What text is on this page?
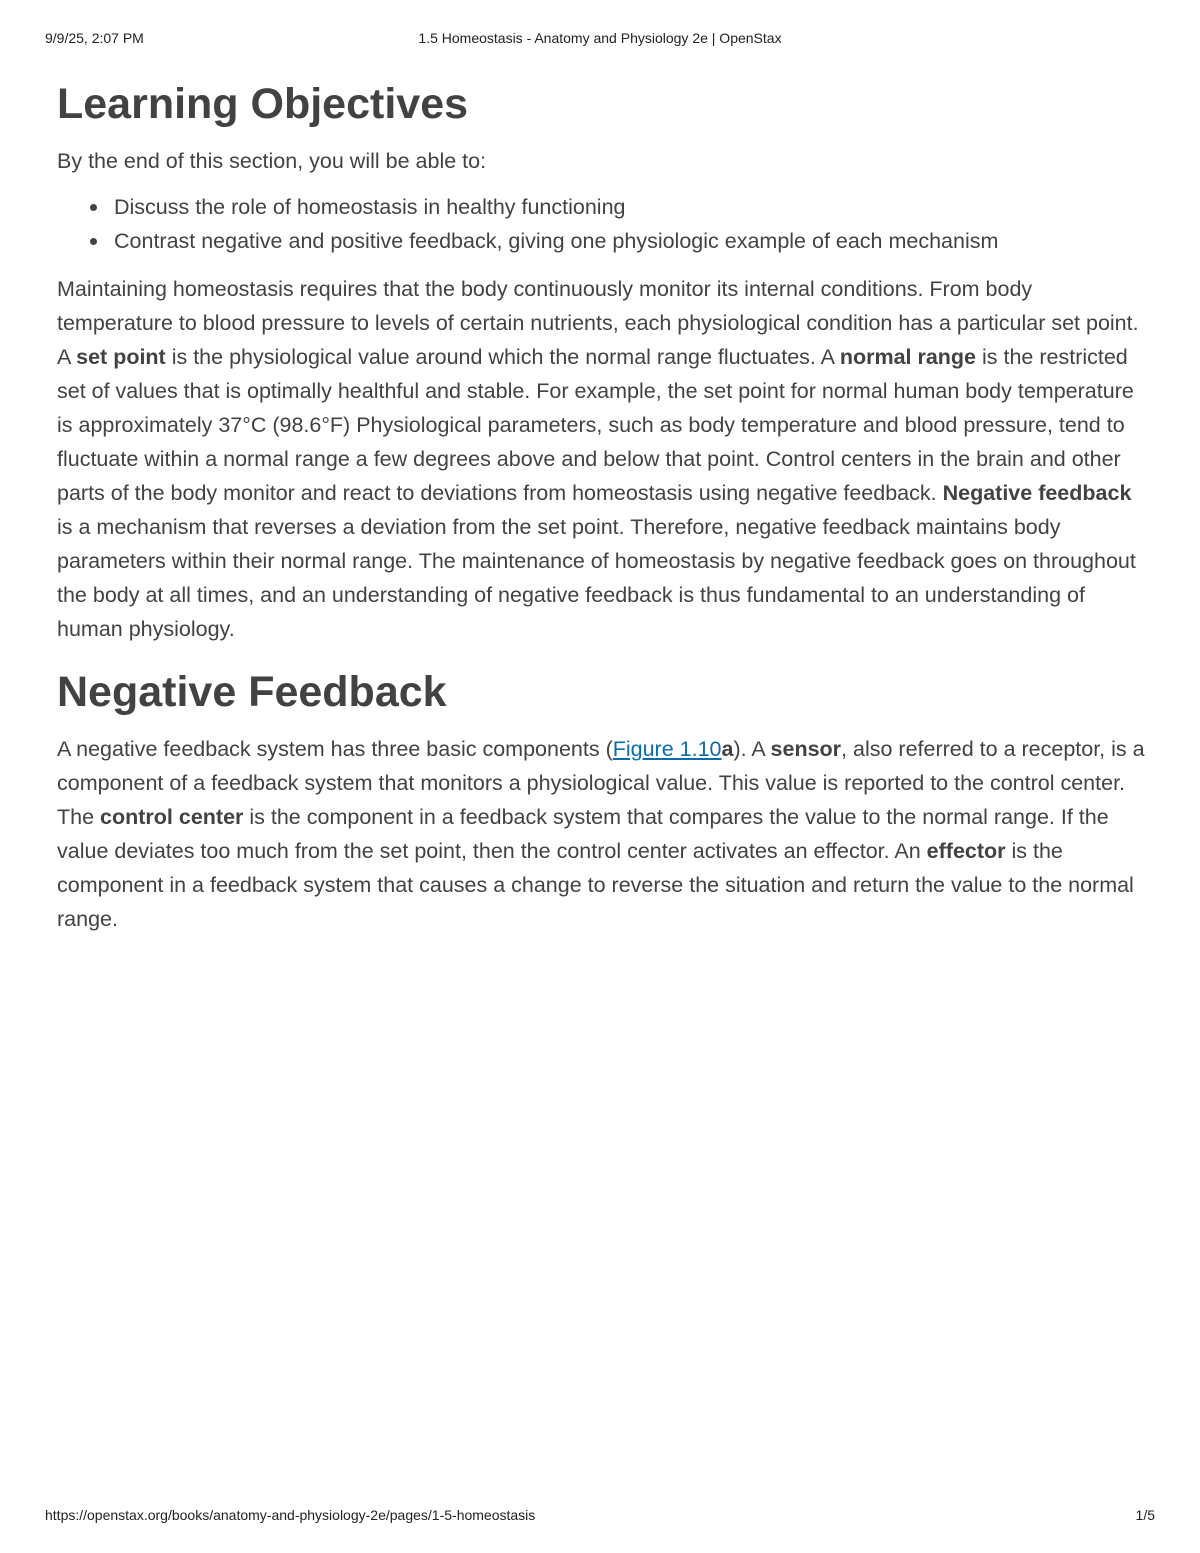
9/9/25, 2:07 PM	1.5 Homeostasis - Anatomy and Physiology 2e | OpenStax
Learning Objectives

By the end of this section, you will be able to:

Discuss the role of homeostasis in healthy functioning
Contrast negative and positive feedback, giving one physiologic example of each mechanism

Maintaining homeostasis requires that the body continuously monitor its internal conditions. From body temperature to blood pressure to levels of certain nutrients, each physiological condition has a particular set point. A set point is the physiological value around which the normal range fluctuates. A normal range is the restricted set of values that is optimally healthful and stable. For example, the set point for normal human body temperature is approximately 37°C (98.6°F) Physiological parameters, such as body temperature and blood pressure, tend to fluctuate within a normal range a few degrees above and below that point. Control centers in the brain and other parts of the body monitor and react to deviations from homeostasis using negative feedback. Negative feedback is a mechanism that reverses a deviation from the set point. Therefore, negative feedback maintains body parameters within their normal range. The maintenance of homeostasis by negative feedback goes on throughout the body at all times, and an understanding of negative feedback is thus fundamental to an understanding of human physiology.

Negative Feedback

A negative feedback system has three basic components (Figure 1.10a). A sensor, also referred to a receptor, is a component of a feedback system that monitors a physiological value. This value is reported to the control center. The control center is the component in a feedback system that compares the value to the normal range. If the value deviates too much from the set point, then the control center activates an effector. An effector is the component in a feedback system that causes a change to reverse the situation and return the value to the normal range.

https://openstax.org/books/anatomy-and-physiology-2e/pages/1-5-homeostasis	1/5
